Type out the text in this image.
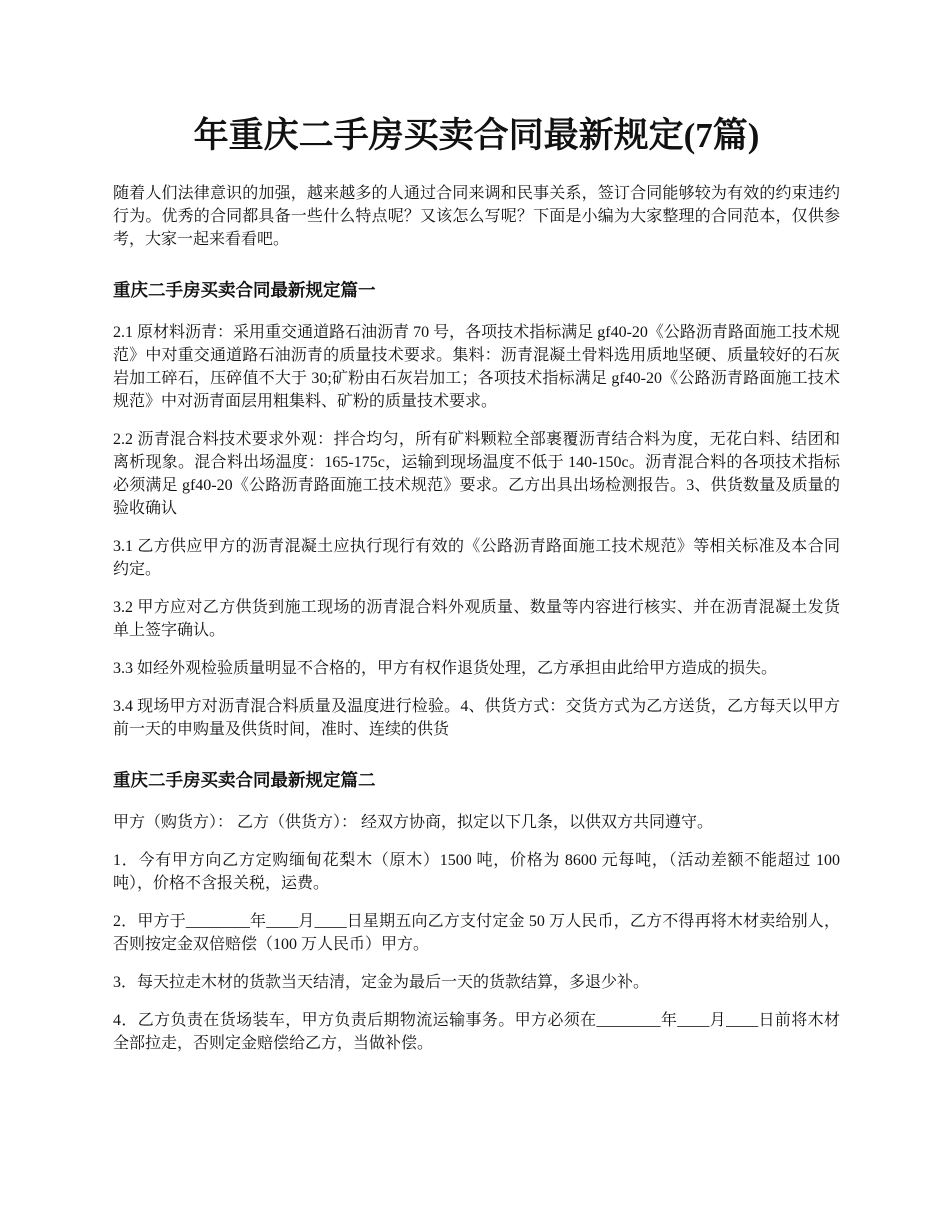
年重庆二手房买卖合同最新规定(7篇)

随着人们法律意识的加强，越来越多的人通过合同来调和民事关系，签订合同能够较为有效的约束违约行为。优秀的合同都具备一些什么特点呢？又该怎么写呢？下面是小编为大家整理的合同范本，仅供参考，大家一起来看看吧。

重庆二手房买卖合同最新规定篇一

2.1 原材料沥青：采用重交通道路石油沥青 70 号，各项技术指标满足 gf40-20《公路沥青路面施工技术规范》中对重交通道路石油沥青的质量技术要求。集料：沥青混凝土骨料选用质地坚硬、质量较好的石灰岩加工碎石，压碎值不大于 30;矿粉由石灰岩加工；各项技术指标满足 gf40-20《公路沥青路面施工技术规范》中对沥青面层用粗集料、矿粉的质量技术要求。

2.2 沥青混合料技术要求外观：拌合均匀，所有矿料颗粒全部裹覆沥青结合料为度，无花白料、结团和离析现象。混合料出场温度：165-175c，运输到现场温度不低于 140-150c。沥青混合料的各项技术指标必须满足 gf40-20《公路沥青路面施工技术规范》要求。乙方出具出场检测报告。3、供货数量及质量的验收确认

3.1 乙方供应甲方的沥青混凝土应执行现行有效的《公路沥青路面施工技术规范》等相关标准及本合同约定。

3.2 甲方应对乙方供货到施工现场的沥青混合料外观质量、数量等内容进行核实、并在沥青混凝土发货单上签字确认。

3.3 如经外观检验质量明显不合格的，甲方有权作退货处理，乙方承担由此给甲方造成的损失。

3.4 现场甲方对沥青混合料质量及温度进行检验。4、供货方式：交货方式为乙方送货，乙方每天以甲方前一天的申购量及供货时间，准时、连续的供货

重庆二手房买卖合同最新规定篇二

甲方（购货方）： 乙方（供货方）： 经双方协商，拟定以下几条，以供双方共同遵守。

1．今有甲方向乙方定购缅甸花梨木（原木）1500 吨，价格为 8600 元每吨，（活动差额不能超过 100 吨），价格不含报关税，运费。

2．甲方于________年____月____日星期五向乙方支付定金 50 万人民币，乙方不得再将木材卖给别人，否则按定金双倍赔偿（100 万人民币）甲方。

3．每天拉走木材的货款当天结清，定金为最后一天的货款结算，多退少补。

4．乙方负责在货场装车，甲方负责后期物流运输事务。甲方必须在________年____月____日前将木材全部拉走，否则定金赔偿给乙方，当做补偿。
